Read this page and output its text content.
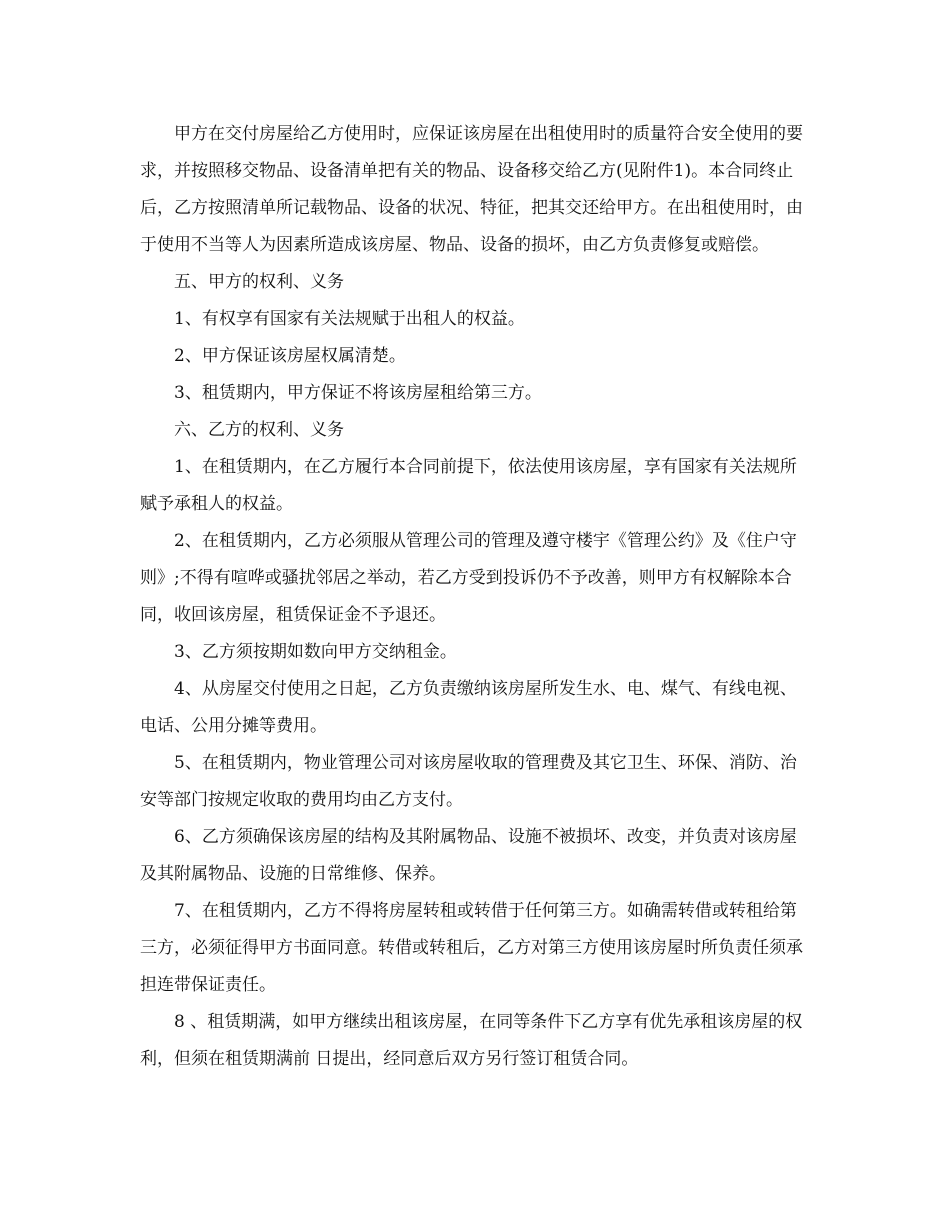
甲方在交付房屋给乙方使用时，应保证该房屋在出租使用时的质量符合安全使用的要求，并按照移交物品、设备清单把有关的物品、设备移交给乙方(见附件1)。本合同终止后，乙方按照清单所记载物品、设备的状况、特征，把其交还给甲方。在出租使用时，由于使用不当等人为因素所造成该房屋、物品、设备的损坏，由乙方负责修复或赔偿。

五、甲方的权利、义务

1、有权享有国家有关法规赋于出租人的权益。

2、甲方保证该房屋权属清楚。

3、租赁期内，甲方保证不将该房屋租给第三方。

六、乙方的权利、义务

1、在租赁期内，在乙方履行本合同前提下，依法使用该房屋，享有国家有关法规所赋予承租人的权益。

2、在租赁期内，乙方必须服从管理公司的管理及遵守楼宇《管理公约》及《住户守则》;不得有喧哗或骚扰邻居之举动，若乙方受到投诉仍不予改善，则甲方有权解除本合同，收回该房屋，租赁保证金不予退还。

3、乙方须按期如数向甲方交纳租金。

4、从房屋交付使用之日起，乙方负责缴纳该房屋所发生水、电、煤气、有线电视、电话、公用分摊等费用。

5、在租赁期内，物业管理公司对该房屋收取的管理费及其它卫生、环保、消防、治安等部门按规定收取的费用均由乙方支付。

6、乙方须确保该房屋的结构及其附属物品、设施不被损坏、改变，并负责对该房屋及其附属物品、设施的日常维修、保养。

7、在租赁期内，乙方不得将房屋转租或转借于任何第三方。如确需转借或转租给第三方，必须征得甲方书面同意。转借或转租后，乙方对第三方使用该房屋时所负责任须承担连带保证责任。

8 、租赁期满，如甲方继续出租该房屋，在同等条件下乙方享有优先承租该房屋的权利，但须在租赁期满前 日提出，经同意后双方另行签订租赁合同。
